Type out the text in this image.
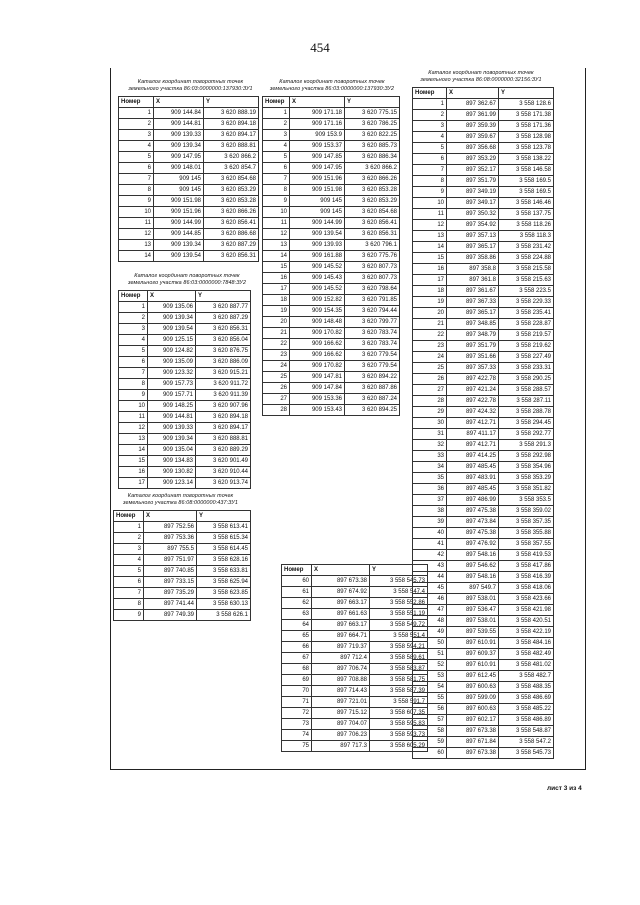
454
Каталог координат поворотных точек
земельного участка 86:03:0000000:137930:ЗУ1
Номер	X	Y
1	909 144.84	3 620 888.19
2	909 144.81	3 620 894.18
3	909 139.33	3 620 894.17
4	909 139.34	3 620 888.81
5	909 147.95	3 620 866.2
6	909 148.01	3 620 854.7
7	909 145	3 620 854.68
8	909 145	3 620 853.29
9	909 151.98	3 620 853.28
10	909 151.96	3 620 866.26
11	909 144.99	3 620 856.41
12	909 144.85	3 620 886.68
13	909 139.34	3 620 887.29
14	909 139.54	3 620 856.31
Каталог координат поворотных точек
земельного участка 86:03:0000000:7848:ЗУ2
Номер	X	Y
1	909 135.06	3 620 887.77
2	909 139.34	3 620 887.29
3	909 139.54	3 620 856.31
4	909 125.15	3 620 856.04
5	909 124.82	3 620 876.75
6	909 135.09	3 620 886.09
7	909 123.32	3 620 915.21
8	909 157.73	3 620 911.72
9	909 157.71	3 620 911.39
10	909 148.25	3 620 907.96
11	909 144.81	3 620 894.18
12	909 139.33	3 620 894.17
13	909 139.34	3 620 888.81
14	909 135.04	3 620 889.29
15	909 134.83	3 620 901.49
16	909 130.82	3 620 910.44
17	909 123.14	3 620 913.74
Каталог координат поворотных точек
земельного участка 86:08:0000000:437:ЗУ1
Номер	X	Y
1	897 752.56	3 558 613.41
2	897 753.36	3 558 615.34
3	897 755.5	3 558 614.45
4	897 751.97	3 558 628.16
5	897 740.85	3 558 633.81
6	897 733.15	3 558 625.94
7	897 735.29	3 558 623.85
8	897 741.44	3 558 630.13
9	897 749.39	3 558 626.1
Каталог координат поворотных точек
земельного участка 86:03:0000000:137930:ЗУ2
Номер	X	Y
1	909 171.18	3 620 775.15
2	909 171.16	3 620 786.25
3	909 153.9	3 620 822.25
4	909 153.37	3 620 885.73
5	909 147.85	3 620 886.34
6	909 147.95	3 620 866.2
7	909 151.96	3 620 866.26
8	909 151.98	3 620 853.28
9	909 145	3 620 853.29
10	909 145	3 620 854.68
11	909 144.99	3 620 856.41
12	909 139.54	3 620 856.31
13	909 139.93	3 620 796.1
14	909 161.88	3 620 775.76
15	909 145.52	3 620 807.73
16	909 145.43	3 620 807.73
17	909 145.52	3 620 798.64
18	909 152.82	3 620 791.85
19	909 154.35	3 620 794.44
20	909 148.48	3 620 799.77
21	909 170.82	3 620 783.74
22	909 166.62	3 620 783.74
23	909 166.62	3 620 779.54
24	909 170.82	3 620 779.54
25	909 147.81	3 620 894.22
26	909 147.84	3 620 887.86
27	909 153.36	3 620 887.24
28	909 153.43	3 620 894.25
Номер	X	Y
60	897 673.38	3 558 545.73
61	897 674.92	3 558 547.4
62	897 663.17	3 558 552.86
63	897 661.63	3 558 551.19
64	897 663.17	3 558 549.72
65	897 664.71	3 558 551.4
66	897 719.37	3 558 594.21
67	897 712.4	3 558 589.61
68	897 706.74	3 558 583.87
69	897 708.88	3 558 581.75
70	897 714.43	3 558 587.39
71	897 721.01	3 558 591.7
72	897 715.12	3 558 607.35
73	897 704.07	3 558 595.83
74	897 706.23	3 558 593.73
75	897 717.3	3 558 605.29
Каталог координат поворотных точек
земельного участка 86:08:0000000:32156:ЗУ1
Номер	X	Y
1	897 362.67	3 558 128.6
2	897 361.99	3 558 171.38
3	897 359.39	3 558 171.36
4	897 359.67	3 558 128.98
5	897 356.68	3 558 123.78
6	897 353.29	3 558 138.22
7	897 352.17	3 558 146.58
8	897 351.79	3 558 169.5
9	897 349.19	3 558 169.5
10	897 349.17	3 558 146.46
11	897 350.32	3 558 137.75
12	897 354.92	3 558 118.26
13	897 357.13	3 558 118.3
14	897 365.17	3 558 231.42
15	897 358.86	3 558 224.88
16	897 358.8	3 558 215.58
17	897 361.8	3 558 215.63
18	897 361.67	3 558 223.5
19	897 367.33	3 558 229.33
20	897 365.17	3 558 235.41
21	897 348.85	3 558 228.87
22	897 348.79	3 558 219.57
23	897 351.79	3 558 219.62
24	897 351.66	3 558 227.49
25	897 357.33	3 558 233.31
26	897 422.78	3 558 290.25
27	897 421.24	3 558 288.57
28	897 422.78	3 558 287.11
29	897 424.32	3 558 288.78
30	897 412.71	3 558 294.45
31	897 411.17	3 558 292.77
32	897 412.71	3 558 291.3
33	897 414.25	3 558 292.98
34	897 485.45	3 558 354.96
35	897 483.91	3 558 353.29
36	897 485.45	3 558 351.82
37	897 486.99	3 558 353.5
38	897 475.38	3 558 359.02
39	897 473.84	3 558 357.35
40	897 475.38	3 558 355.88
41	897 476.92	3 558 357.55
42	897 548.16	3 558 419.53
43	897 546.62	3 558 417.86
44	897 548.16	3 558 416.39
45	897 549.7	3 558 418.06
46	897 538.01	3 558 423.66
47	897 536.47	3 558 421.98
48	897 538.01	3 558 420.51
49	897 539.55	3 558 422.19
50	897 610.91	3 558 484.16
51	897 609.37	3 558 482.49
52	897 610.91	3 558 481.02
53	897 612.45	3 558 482.7
54	897 600.63	3 558 488.35
55	897 599.09	3 558 486.69
56	897 600.63	3 558 485.22
57	897 602.17	3 558 486.89
58	897 673.38	3 558 548.87
59	897 671.84	3 558 547.2
60	897 673.38	3 558 545.73
лист 3 из 4
